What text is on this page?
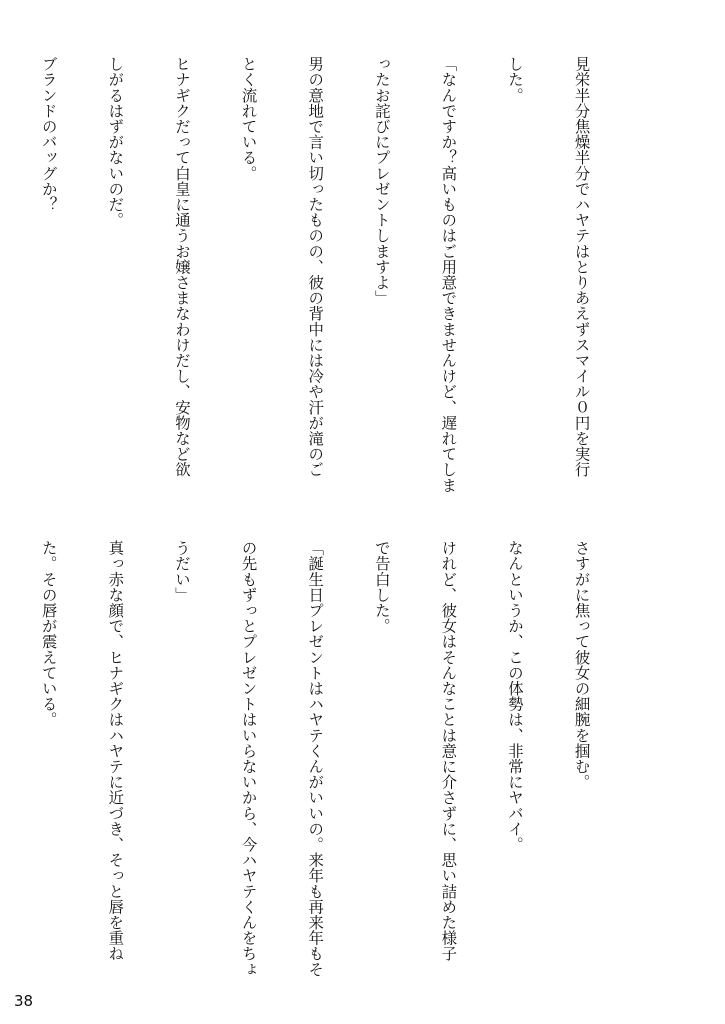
見栄半分焦燥半分でハヤテはとりあえずスマイル０円を実行

した。

「なんですか？高いものはご用意できませんけど、遅れてしま

ったお詫びにプレゼントしますよ」

男の意地で言い切ったものの、彼の背中には冷や汗が滝のご

とく流れている。

ヒナギクだって白皇に通うお嬢さまなわけだし、安物など欲

しがるはずがないのだ。

ブランドのバッグか？

さすがに焦って彼女の細腕を掴む。

なんというか、この体勢は、非常にヤバイ。

けれど、彼女はそんなことは意に介さずに、思い詰めた様子

で告白した。

「誕生日プレゼントはハヤテくんがいいの。来年も再来年もそ

の先もずっとプレゼントはいらないから、今ハヤテくんをちょ

うだい」

真っ赤な顔で、ヒナギクはハヤテに近づき、そっと唇を重ね

た。その唇が震えている。

38
